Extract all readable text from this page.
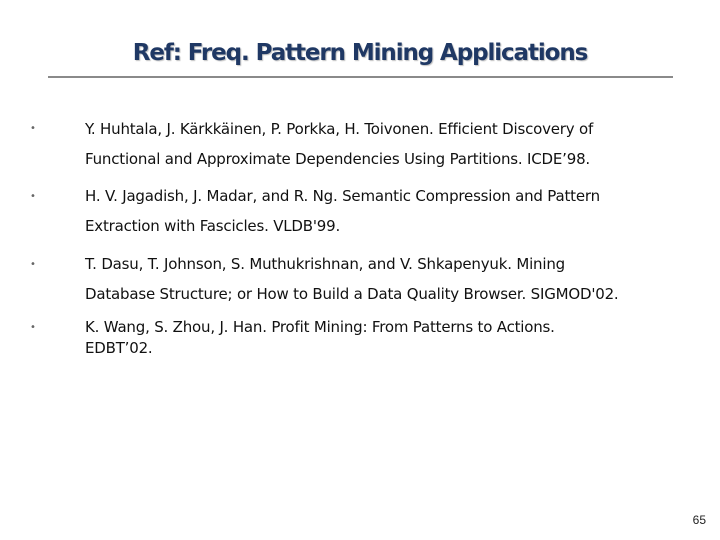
Ref: Freq. Pattern Mining Applications
•	Y. Huhtala, J. Kärkkäinen, P. Porkka, H. Toivonen. Efficient Discovery of
Functional and Approximate Dependencies Using Partitions. ICDE’98.
•	H. V. Jagadish, J. Madar, and R. Ng. Semantic Compression and Pattern
Extraction with Fascicles. VLDB'99.
•	T. Dasu, T. Johnson, S. Muthukrishnan, and V. Shkapenyuk. Mining
Database Structure; or How to Build a Data Quality Browser. SIGMOD'02.
•	K. Wang, S. Zhou, J. Han. Profit Mining: From Patterns to Actions.
EDBT’02.
65
